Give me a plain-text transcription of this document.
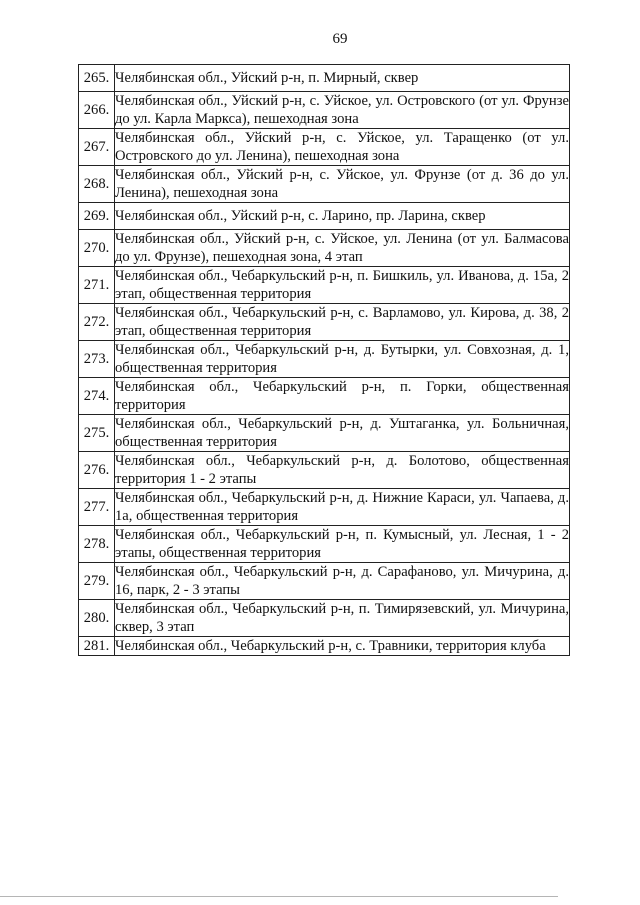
69
265.	Челябинская обл., Уйский р-н, п. Мирный, сквер
266.	Челябинская обл., Уйский р-н, с. Уйское, ул. Островского (от ул. Фрунзе до ул. Карла Маркса), пешеходная зона
267.	Челябинская обл., Уйский р-н, с. Уйское, ул. Таращенко (от ул. Островского до ул. Ленина), пешеходная зона
268.	Челябинская обл., Уйский р-н, с. Уйское, ул. Фрунзе (от д. 36 до ул. Ленина), пешеходная зона
269.	Челябинская обл., Уйский р-н, с. Ларино, пр. Ларина, сквер
270.	Челябинская обл., Уйский р-н, с. Уйское, ул. Ленина (от ул. Балмасова до ул. Фрунзе), пешеходная зона, 4 этап
271.	Челябинская обл., Чебаркульский р-н, п. Бишкиль, ул. Иванова, д. 15а, 2 этап, общественная территория
272.	Челябинская обл., Чебаркульский р-н, с. Варламово, ул. Кирова, д. 38, 2 этап, общественная территория
273.	Челябинская обл., Чебаркульский р-н, д. Бутырки, ул. Совхозная, д. 1, общественная территория
274.	Челябинская обл., Чебаркульский р-н, п. Горки, общественная территория
275.	Челябинская обл., Чебаркульский р-н, д. Уштаганка, ул. Больничная, общественная территория
276.	Челябинская обл., Чебаркульский р-н, д. Болотово, общественная территория 1 - 2 этапы
277.	Челябинская обл., Чебаркульский р-н, д. Нижние Караси, ул. Чапаева, д. 1а, общественная территория
278.	Челябинская обл., Чебаркульский р-н, п. Кумысный, ул. Лесная, 1 - 2 этапы, общественная территория
279.	Челябинская обл., Чебаркульский р-н, д. Сарафаново, ул. Мичурина, д. 16, парк, 2 - 3 этапы
280.	Челябинская обл., Чебаркульский р-н, п. Тимирязевский, ул. Мичурина, сквер, 3 этап
281.	Челябинская обл., Чебаркульский р-н, с. Травники, территория клуба
